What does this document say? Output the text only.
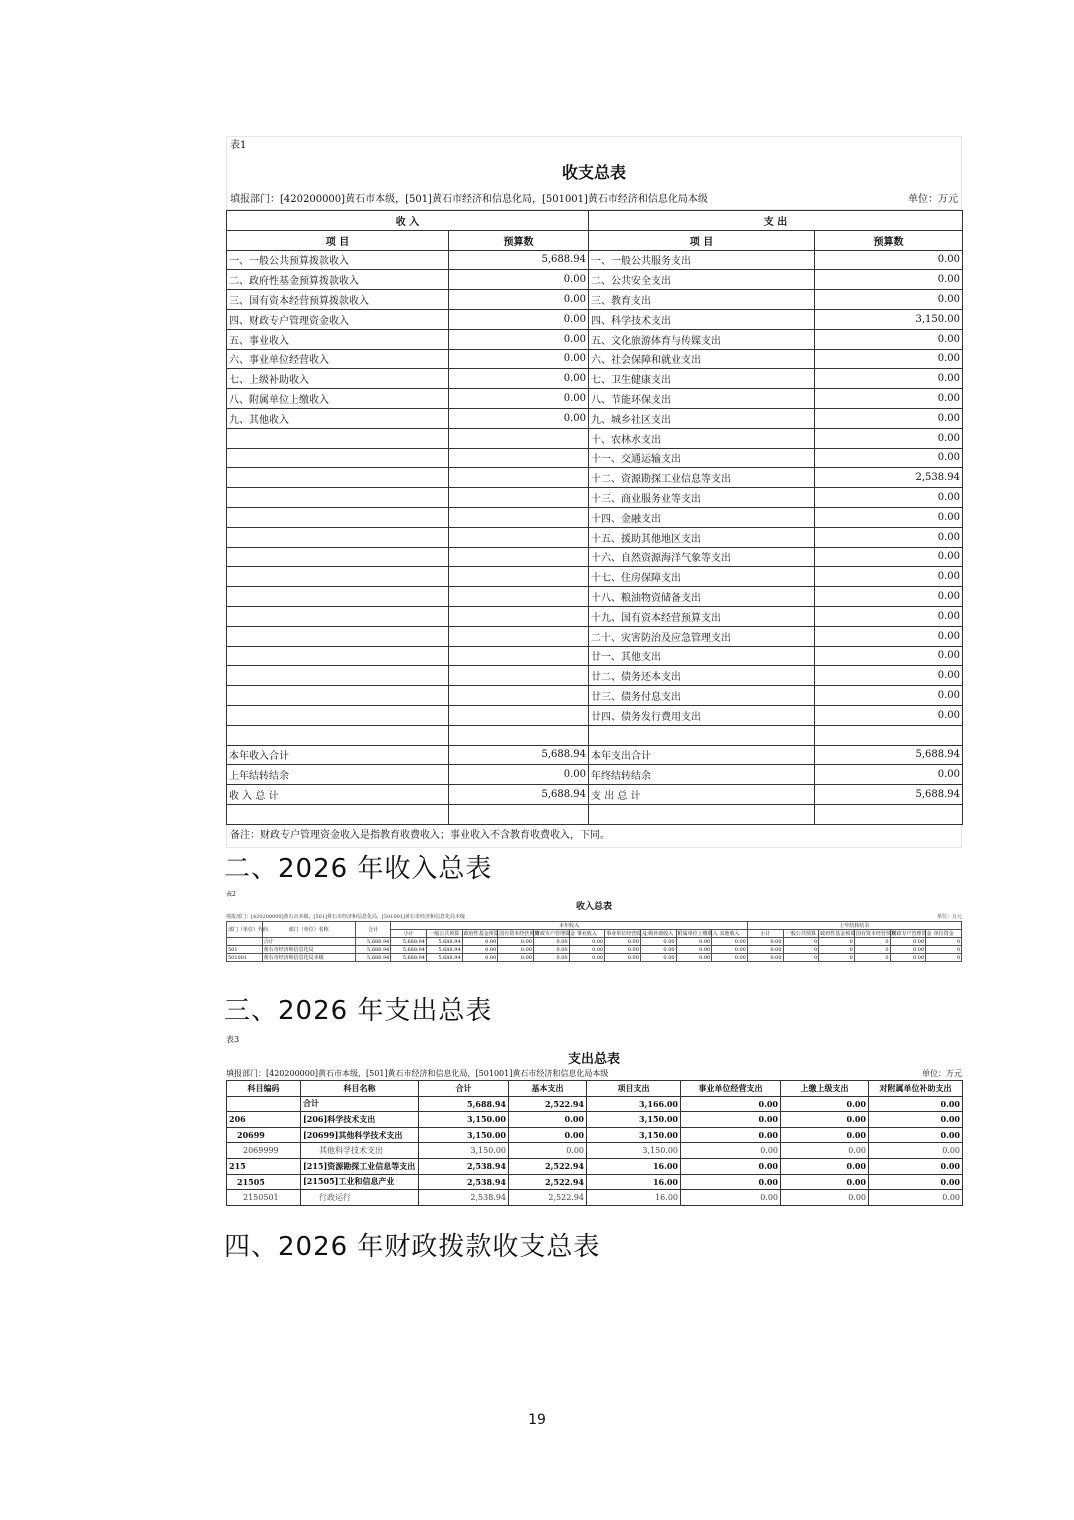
表1
收支总表
填报部门：[420200000]黄石市本级，[501]黄石市经济和信息化局，[501001]黄石市经济和信息化局本级	单位：万元
收 入		支 出	
项 目	预算数	项 目	预算数
一、一般公共预算拨款收入	5,688.94	一、一般公共服务支出	0.00
二、政府性基金预算拨款收入	0.00	二、公共安全支出	0.00
三、国有资本经营预算拨款收入	0.00	三、教育支出	0.00
四、财政专户管理资金收入	0.00	四、科学技术支出	3,150.00
五、事业收入	0.00	五、文化旅游体育与传媒支出	0.00
六、事业单位经营收入	0.00	六、社会保障和就业支出	0.00
七、上级补助收入	0.00	七、卫生健康支出	0.00
八、附属单位上缴收入	0.00	八、节能环保支出	0.00
九、其他收入	0.00	九、城乡社区支出	0.00
		十、农林水支出	0.00
		十一、交通运输支出	0.00
		十二、资源勘探工业信息等支出	2,538.94
		十三、商业服务业等支出	0.00
		十四、金融支出	0.00
		十五、援助其他地区支出	0.00
		十六、自然资源海洋气象等支出	0.00
		十七、住房保障支出	0.00
		十八、粮油物资储备支出	0.00
		十九、国有资本经营预算支出	0.00
		二十、灾害防治及应急管理支出	0.00
		廿一、其他支出	0.00
		廿二、债务还本支出	0.00
		廿三、债务付息支出	0.00
		廿四、债务发行费用支出	0.00

本年收入合计	5,688.94	本年支出合计	5,688.94
上年结转结余	0.00	年终结转结余	0.00
收 入 总 计	5,688.94	支 出 总 计	5,688.94

备注：财政专户管理资金收入是指教育收费收入；事业收入不含教育收费收入，下同。
二、2026 年收入总表
表2
收入总表
填报部门：[420200000]黄石市本级，[501]黄石市经济和信息化局，[501001]黄石市经济和信息化局本级	单位：万元
部门（单位）代码	部门（单位）名称	合计	本年收入										上年结转结余					
			小计	一般公共预算	政府性基金预算	国有资本经营预算	财政专户管理资金	事业收入	事业单位经营收入	上级补助收入	附属单位上缴收入	其他收入	小计	一般公共预算	政府性基金预算	国有资本经营预算	财政专户管理资金	单位资金
	合计	5,688.94	5,688.94	5,688.94	0.00	0.00	0.00	0.00	0.00	0.00	0.00	0.00	0.00	0	0	0	0.00	0
501	黄石市经济和信息化局	5,688.94	5,688.94	5,688.94	0.00	0.00	0.00	0.00	0.00	0.00	0.00	0.00	0.00	0	0	0	0.00	0
501001	黄石市经济和信息化局本级	5,688.94	5,688.94	5,688.94	0.00	0.00	0.00	0.00	0.00	0.00	0.00	0.00	0.00	0	0	0	0.00	0
三、2026 年支出总表
表3
支出总表
填报部门：[420200000]黄石市本级，[501]黄石市经济和信息化局，[501001]黄石市经济和信息化局本级	单位：万元
科目编码	科目名称	合计	基本支出	项目支出	事业单位经营支出	上缴上级支出	对附属单位补助支出
	合计	5,688.94	2,522.94	3,166.00	0.00	0.00	0.00
206	[206]科学技术支出	3,150.00	0.00	3,150.00	0.00	0.00	0.00
20699	[20699]其他科学技术支出	3,150.00	0.00	3,150.00	0.00	0.00	0.00
2069999	其他科学技术支出	3,150.00	0.00	3,150.00	0.00	0.00	0.00
215	[215]资源勘探工业信息等支出	2,538.94	2,522.94	16.00	0.00	0.00	0.00
21505	[21505]工业和信息产业	2,538.94	2,522.94	16.00	0.00	0.00	0.00
2150501	行政运行	2,538.94	2,522.94	16.00	0.00	0.00	0.00
四、2026 年财政拨款收支总表
19
